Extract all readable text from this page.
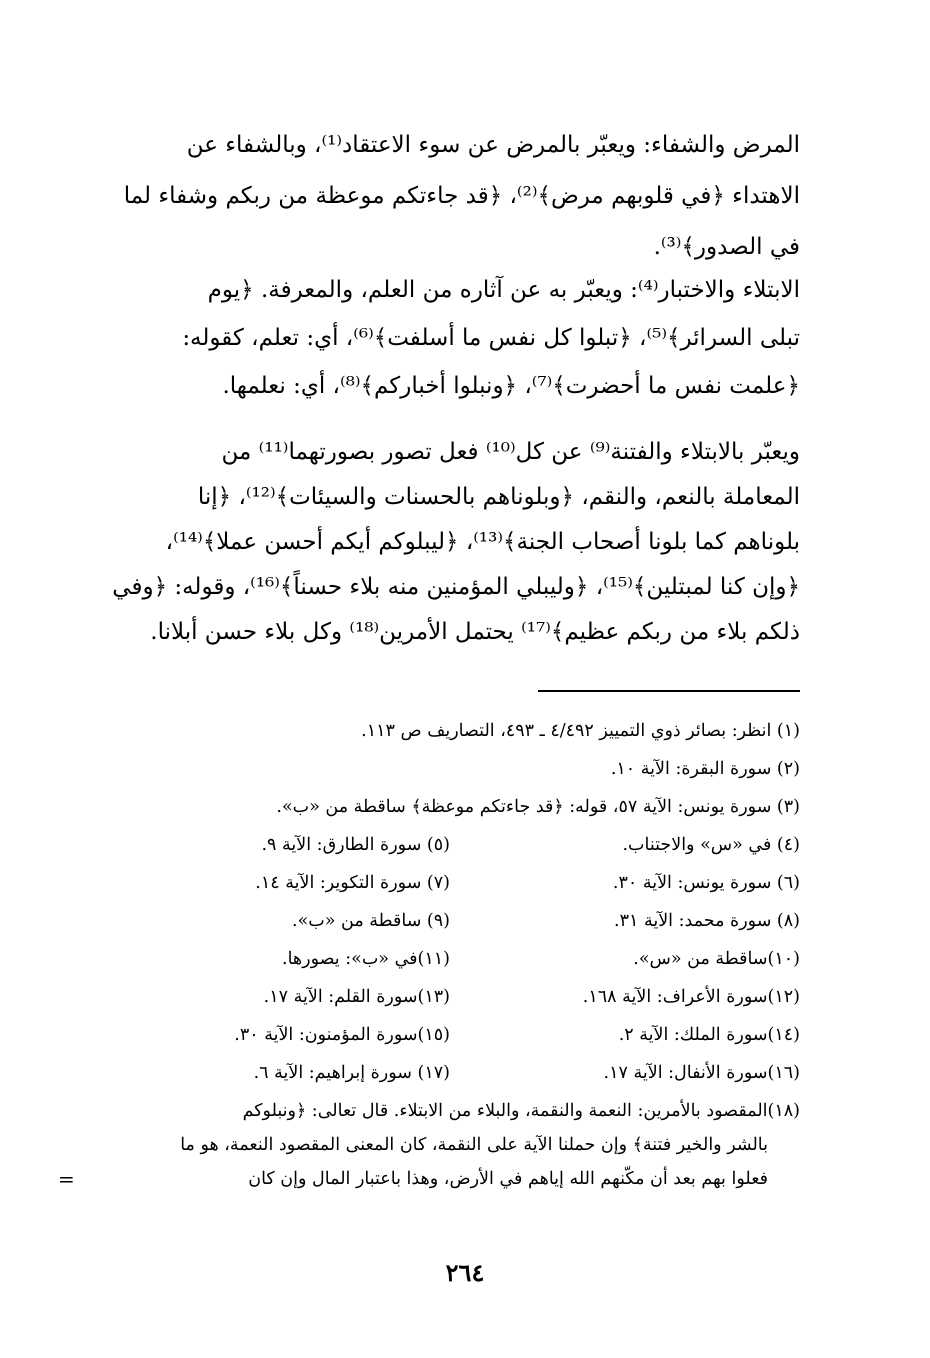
المرض والشفاء: ويعبّر بالمرض عن سوء الاعتقاد⁽¹⁾، وبالشفاء عن
الاهتداء ﴿في قلوبهم مرض﴾⁽²⁾، ﴿قد جاءتكم موعظة من ربكم وشفاء لما
في الصدور﴾⁽³⁾.
الابتلاء والاختبار⁽⁴⁾: ويعبّر به عن آثاره من العلم، والمعرفة. ﴿يوم
تبلى السرائر﴾⁽⁵⁾، ﴿تبلوا كل نفس ما أسلفت﴾⁽⁶⁾، أي: تعلم، كقوله:
﴿علمت نفس ما أحضرت﴾⁽⁷⁾، ﴿ونبلوا أخباركم﴾⁽⁸⁾، أي: نعلمها.
ويعبّر بالابتلاء والفتنة⁽⁹⁾ عن كل⁽¹⁰⁾ فعل تصور بصورتهما⁽¹¹⁾ من
المعاملة بالنعم، والنقم، ﴿وبلوناهم بالحسنات والسيئات﴾⁽¹²⁾، ﴿إنا
بلوناهم كما بلونا أصحاب الجنة﴾⁽¹³⁾، ﴿ليبلوكم أيكم أحسن عملا﴾⁽¹⁴⁾،
﴿وإن كنا لمبتلين﴾⁽¹⁵⁾، ﴿وليبلي المؤمنين منه بلاء حسناً﴾⁽¹⁶⁾، وقوله: ﴿وفي
ذلكم بلاء من ربكم عظيم﴾⁽¹⁷⁾ يحتمل الأمرين⁽¹⁸⁾ وكل بلاء حسن أبلانا.
(١) انظر: بصائر ذوي التمييز ٤/٤٩٢ ـ ٤٩٣، التصاريف ص ١١٣.
(٢) سورة البقرة: الآية ١٠.
(٣) سورة يونس: الآية ٥٧، قوله: ﴿قد جاءتكم موعظة﴾ ساقطة من «ب».
(٤) في «س» والاجتناب.
(٥) سورة الطارق: الآية ٩.
(٦) سورة يونس: الآية ٣٠.
(٧) سورة التكوير: الآية ١٤.
(٨) سورة محمد: الآية ٣١.
(٩) ساقطة من «ب».
(١٠)ساقطة من «س».
(١١)في «ب»: يصورها.
(١٢)سورة الأعراف: الآية ١٦٨.
(١٣)سورة القلم: الآية ١٧.
(١٤)سورة الملك: الآية ٢.
(١٥)سورة المؤمنون: الآية ٣٠.
(١٦)سورة الأنفال: الآية ١٧.
(١٧) سورة إبراهيم: الآية ٦.
(١٨)المقصود بالأمرين: النعمة والنقمة، والبلاء من الابتلاء. قال تعالى: ﴿ونبلوكم
بالشر والخير فتنة﴾ وإن حملنا الآية على النقمة، كان المعنى المقصود النعمة، هو ما
فعلوا بهم بعد أن مكّنهم الله إياهم في الأرض، وهذا باعتبار المال وإن كان
=
٢٦٤
